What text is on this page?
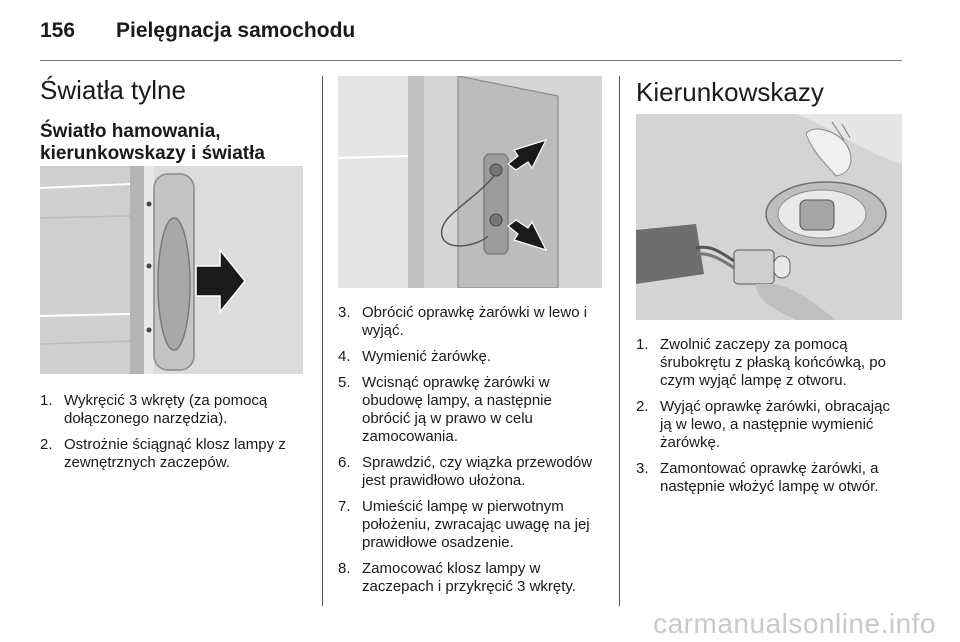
156	Pielęgnacja samochodu
Światła tylne
Światło hamowania,
kierunkowskazy i światła
1. Wykręcić 3 wkręty (za pomocą dołączonego narzędzia).
2. Ostrożnie ściągnąć klosz lampy z zewnętrznych zaczepów.
3. Obrócić oprawkę żarówki w lewo i wyjąć.
4. Wymienić żarówkę.
5. Wcisnąć oprawkę żarówki w obudowę lampy, a następnie obrócić ją w prawo w celu zamocowania.
6. Sprawdzić, czy wiązka przewodów jest prawidłowo ułożona.
7. Umieścić lampę w pierwotnym położeniu, zwracając uwagę na jej prawidłowe osadzenie.
8. Zamocować klosz lampy w zaczepach i przykręcić 3 wkręty.
Kierunkowskazy
1. Zwolnić zaczepy za pomocą śrubokrętu z płaską końcówką, po czym wyjąć lampę z otworu.
2. Wyjąć oprawkę żarówki, obracając ją w lewo, a następnie wymienić żarówkę.
3. Zamontować oprawkę żarówki, a następnie włożyć lampę w otwór.
carmanualsonline.info
